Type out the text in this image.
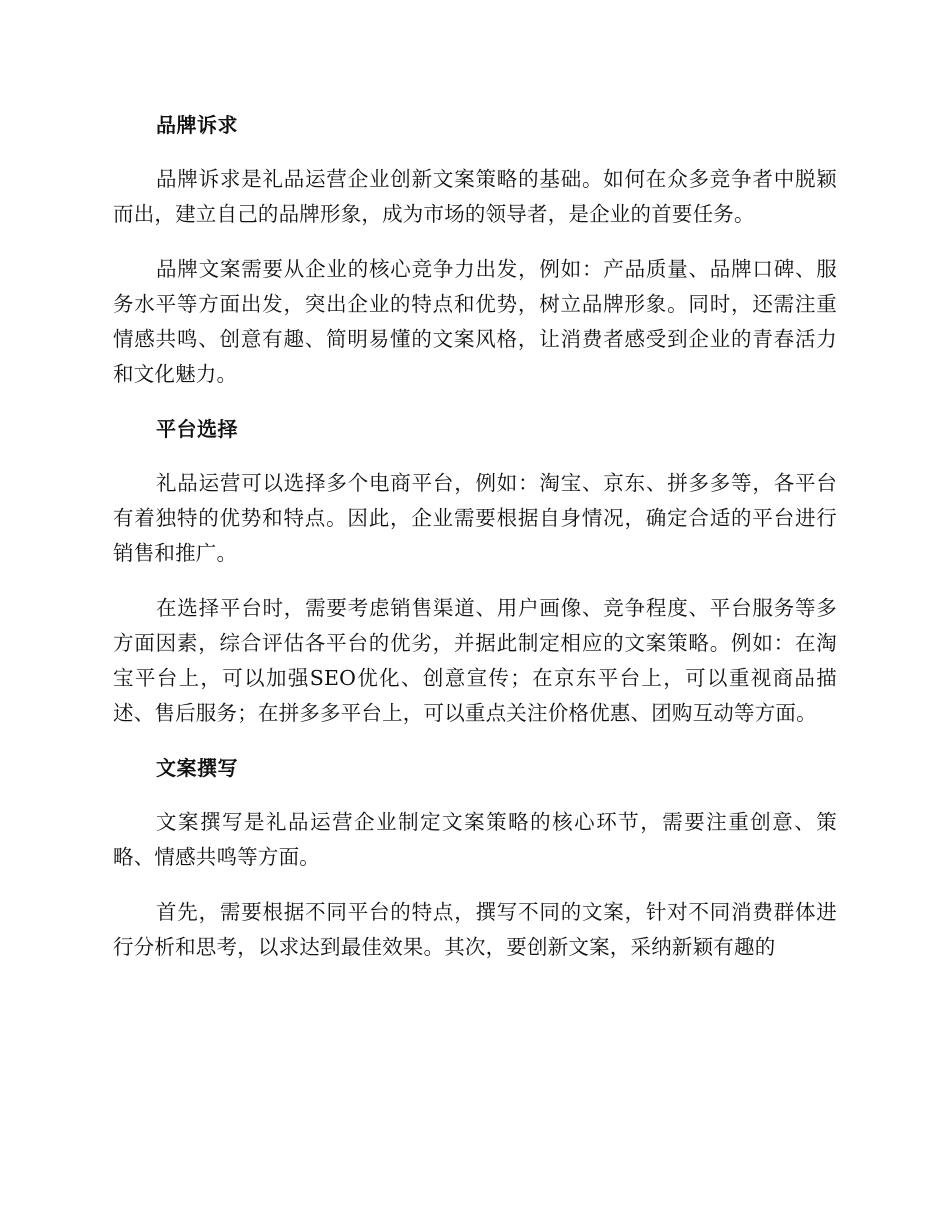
品牌诉求

品牌诉求是礼品运营企业创新文案策略的基础。如何在众多竞争者中脱颖而出，建立自己的品牌形象，成为市场的领导者，是企业的首要任务。

品牌文案需要从企业的核心竞争力出发，例如：产品质量、品牌口碑、服务水平等方面出发，突出企业的特点和优势，树立品牌形象。同时，还需注重情感共鸣、创意有趣、简明易懂的文案风格，让消费者感受到企业的青春活力和文化魅力。

平台选择

礼品运营可以选择多个电商平台，例如：淘宝、京东、拼多多等，各平台有着独特的优势和特点。因此，企业需要根据自身情况，确定合适的平台进行销售和推广。

在选择平台时，需要考虑销售渠道、用户画像、竞争程度、平台服务等多方面因素，综合评估各平台的优劣，并据此制定相应的文案策略。例如：在淘宝平台上，可以加强SEO优化、创意宣传；在京东平台上，可以重视商品描述、售后服务；在拼多多平台上，可以重点关注价格优惠、团购互动等方面。

文案撰写

文案撰写是礼品运营企业制定文案策略的核心环节，需要注重创意、策略、情感共鸣等方面。

首先，需要根据不同平台的特点，撰写不同的文案，针对不同消费群体进行分析和思考，以求达到最佳效果。其次，要创新文案，采纳新颖有趣的
